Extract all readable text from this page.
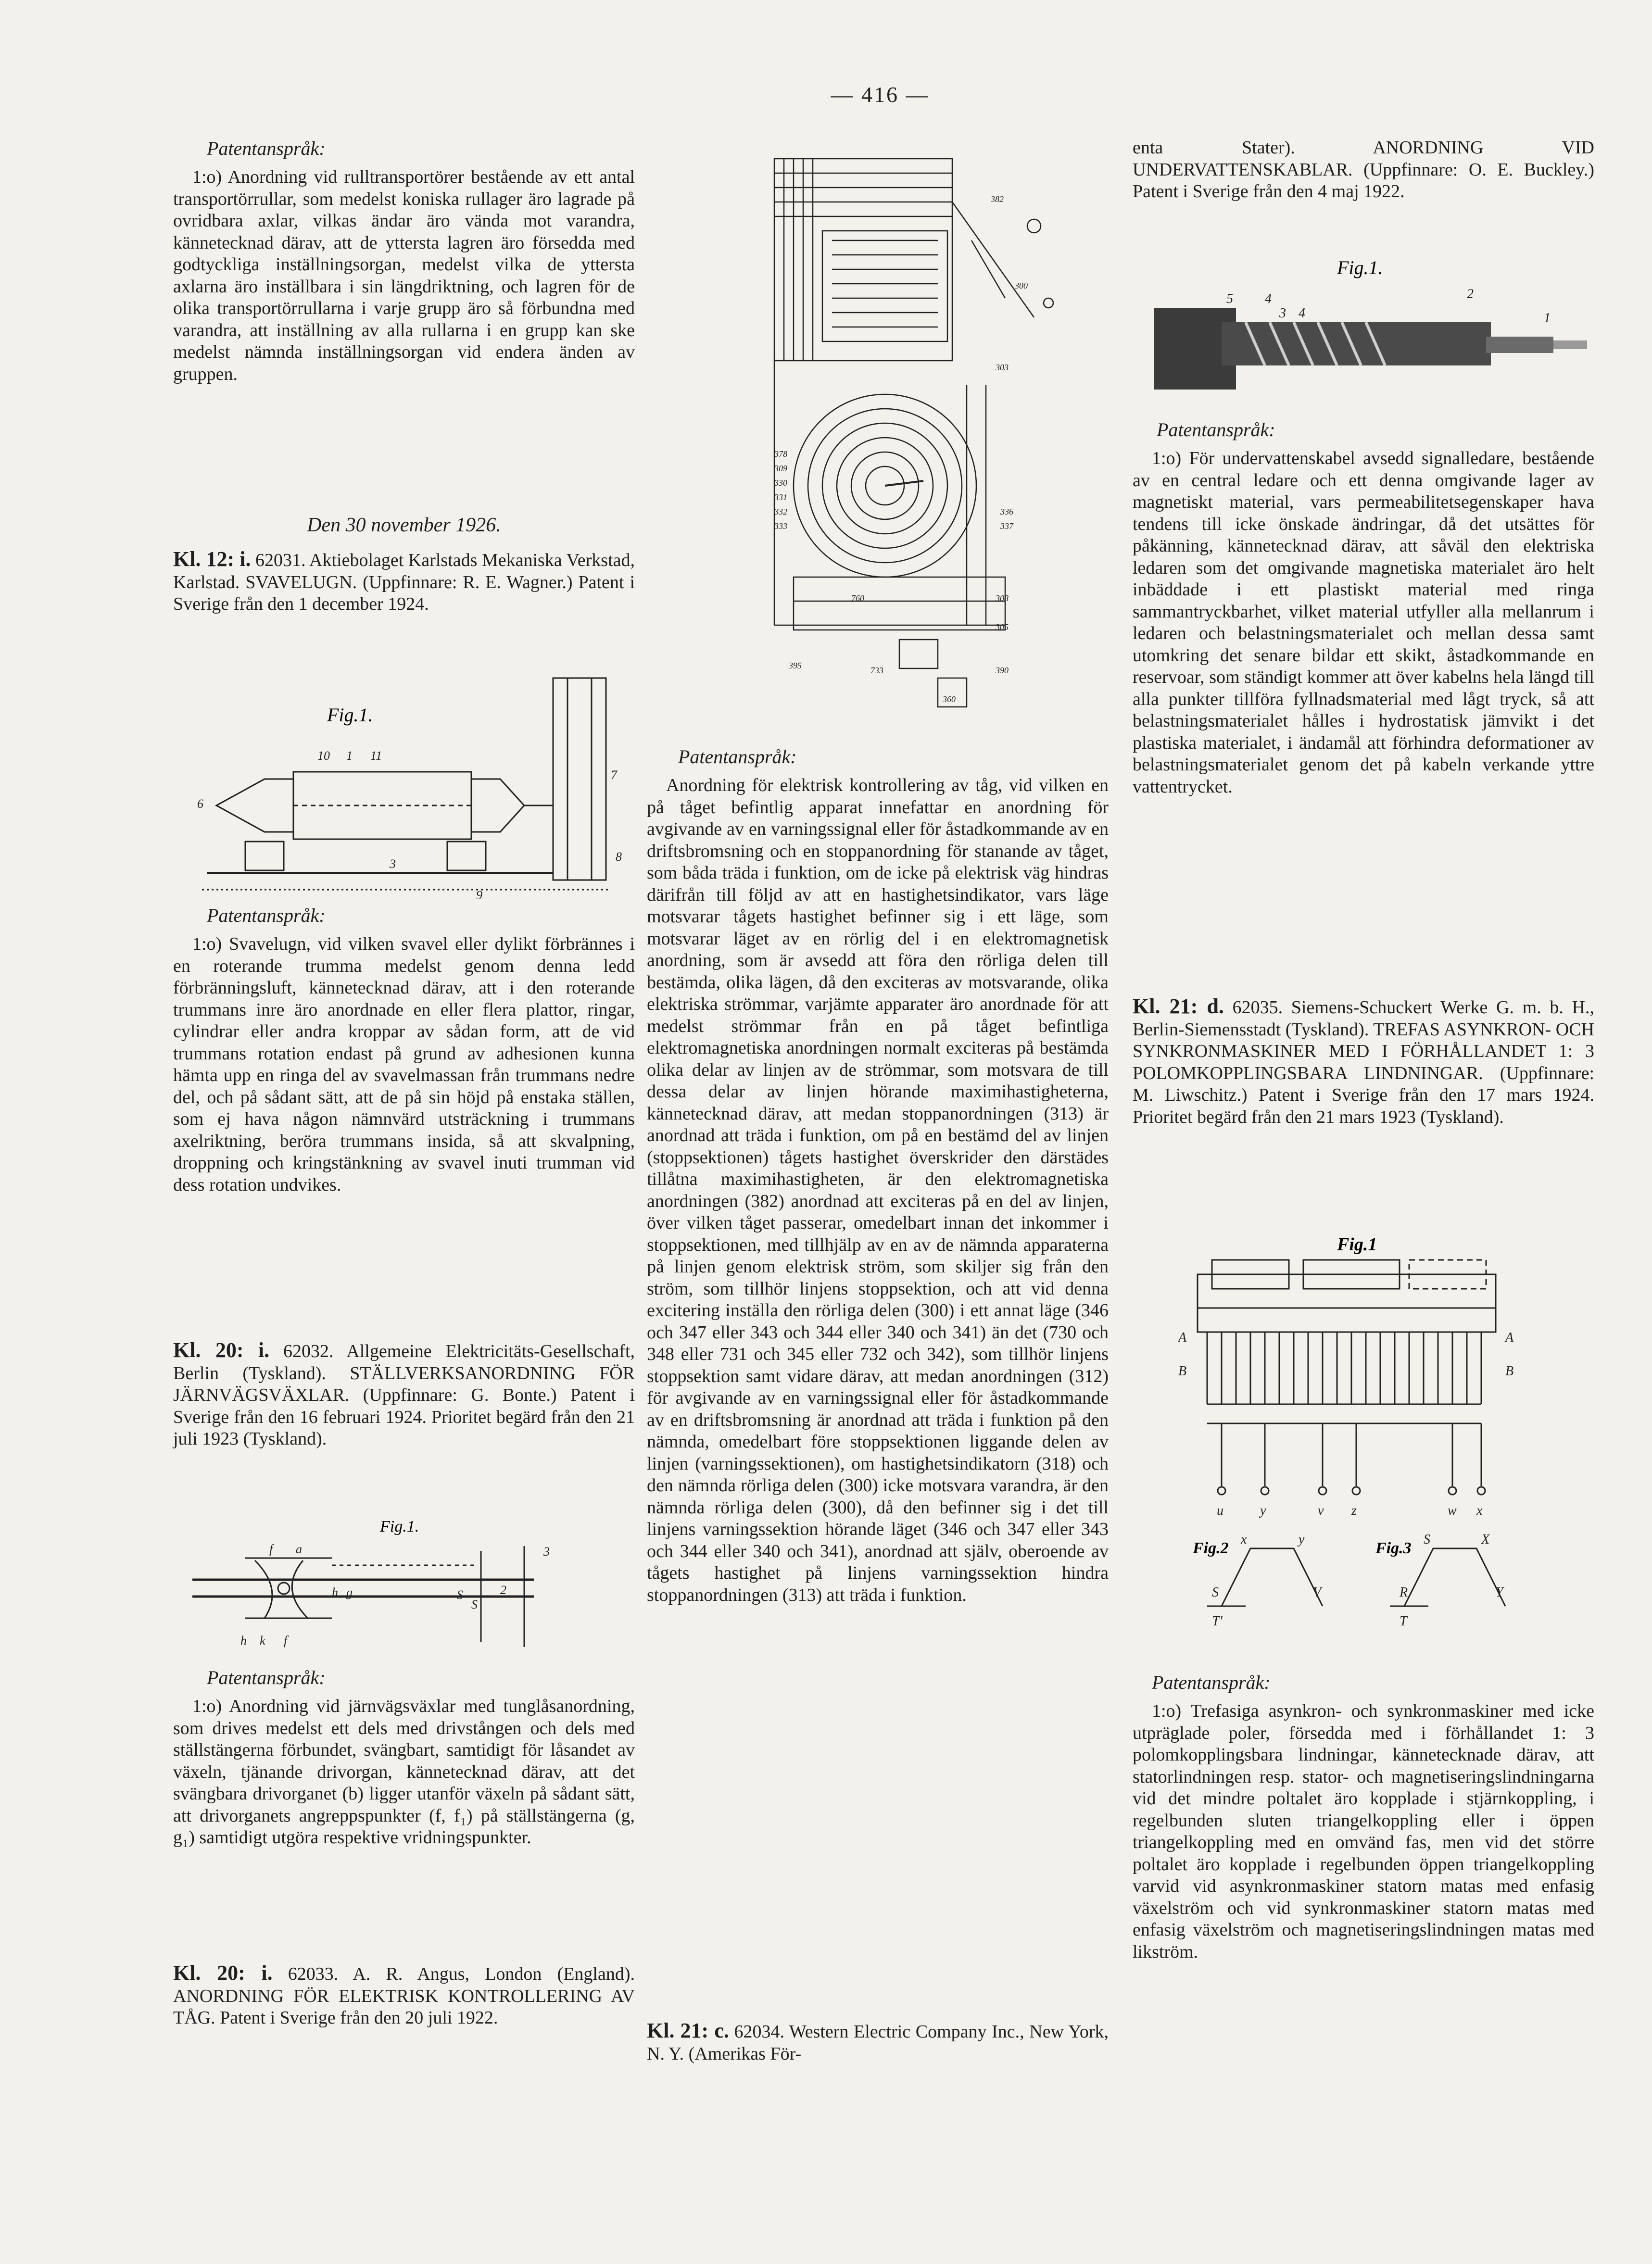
— 416 —

Patentanspråk:

1:o) Anordning vid rulltransportörer bestående av ett antal transportörrullar, som medelst koniska rullager äro lagrade på ovridbara axlar, vilkas ändar äro vända mot varandra, kännetecknad därav, att de yttersta lagren äro försedda med godtyckliga inställningsorgan, medelst vilka de yttersta axlarna äro inställbara i sin längdriktning, och lagren för de olika transportörrullarna i varje grupp äro så förbundna med varandra, att inställning av alla rullarna i en grupp kan ske medelst nämnda inställningsorgan vid endera änden av gruppen.

Den 30 november 1926.

Kl. 12: i. 62031. Aktiebolaget Karlstads Mekaniska Verkstad, Karlstad. SVAVELUGN. (Uppfinnare: R. E. Wagner.) Patent i Sverige från den 1 december 1924.

Fig.1.
10 1 11
6
7
8
3
9

Patentanspråk:

1:o) Svavelugn, vid vilken svavel eller dylikt förbrännes i en roterande trumma medelst genom denna ledd förbränningsluft, kännetecknad därav, att i den roterande trummans inre äro anordnade en eller flera plattor, ringar, cylindrar eller andra kroppar av sådan form, att de vid trummans rotation endast på grund av adhesionen kunna hämta upp en ringa del av svavelmassan från trummans nedre del, och på sådant sätt, att de på sin höjd på enstaka ställen, som ej hava någon nämnvärd utsträckning i trummans axelriktning, beröra trummans insida, så att skvalpning, droppning och kringstänkning av svavel inuti trumman vid dess rotation undvikes.

Kl. 20: i. 62032. Allgemeine Elektricitäts-Gesellschaft, Berlin (Tyskland). STÄLLVERKSANORDNING FÖR JÄRNVÄGSVÄXLAR. (Uppfinnare: G. Bonte.) Patent i Sverige från den 16 februari 1924. Prioritet begärd från den 21 juli 1923 (Tyskland).

Fig.1.
f a
h g	S
S
2
3
h k f

Patentanspråk:

1:o) Anordning vid järnvägsväxlar med tunglåsanordning, som drives medelst ett dels med drivstången och dels med ställstängerna förbundet, svängbart, samtidigt för låsandet av växeln, tjänande drivorgan, kännetecknad därav, att det svängbara drivorganet (b) ligger utanför växeln på sådant sätt, att drivorganets angreppspunkter (f, f₁) på ställstängerna (g, g₁) samtidigt utgöra respektive vridningspunkter.

Kl. 20: i. 62033. A. R. Angus, London (England). ANORDNING FÖR ELEKTRISK KONTROLLERING AV TÅG. Patent i Sverige från den 20 juli 1922.

382
300
303
378
309
330
331
332
333
336
337
760
395	733
360
308
305
390

Patentanspråk:

Anordning för elektrisk kontrollering av tåg, vid vilken en på tåget befintlig apparat innefattar en anordning för avgivande av en varningssignal eller för åstadkommande av en driftsbromsning och en stoppanordning för stanande av tåget, som båda träda i funktion, om de icke på elektrisk väg hindras därifrån till följd av att en hastighetsindikator, vars läge motsvarar tågets hastighet befinner sig i ett läge, som motsvarar läget av en rörlig del i en elektromagnetisk anordning, som är avsedd att föra den rörliga delen till bestämda, olika lägen, då den exciteras av motsvarande, olika elektriska strömmar, varjämte apparater äro anordnade för att medelst strömmar från en på tåget befintliga elektromagnetiska anordningen normalt exciteras på bestämda olika delar av linjen av de strömmar, som motsvara de till dessa delar av linjen hörande maximihastigheterna, kännetecknad därav, att medan stoppanordningen (313) är anordnad att träda i funktion, om på en bestämd del av linjen (stoppsektionen) tågets hastighet överskrider den därstädes tillåtna maximihastigheten, är den elektromagnetiska anordningen (382) anordnad att exciteras på en del av linjen, över vilken tåget passerar, omedelbart innan det inkommer i stoppsektionen, med tillhjälp av en av de nämnda apparaterna på linjen genom elektrisk ström, som skiljer sig från den ström, som tillhör linjens stoppsektion, och att vid denna excitering inställa den rörliga delen (300) i ett annat läge (346 och 347 eller 343 och 344 eller 340 och 341) än det (730 och 348 eller 731 och 345 eller 732 och 342), som tillhör linjens stoppsektion samt vidare därav, att medan anordningen (312) för avgivande av en varningssignal eller för åstadkommande av en driftsbromsning är anordnad att träda i funktion på den nämnda, omedelbart före stoppsektionen liggande delen av linjen (varningssektionen), om hastighetsindikatorn (318) och den nämnda rörliga delen (300) icke motsvara varandra, är den nämnda rörliga delen (300), då den befinner sig i det till linjens varningssektion hörande läget (346 och 347 eller 343 och 344 eller 340 och 341), anordnad att själv, oberoende av tågets hastighet på linjens varningssektion hindra stoppanordningen (313) att träda i funktion.

Kl. 21: c. 62034. Western Electric Company Inc., New York, N. Y. (Amerikas För-

enta Stater). ANORDNING VID UNDERVATTENSKABLAR. (Uppfinnare: O. E. Buckley.) Patent i Sverige från den 4 maj 1922.

Fig.1.
5 4
3 4
2
1

Patentanspråk:

1:o) För undervattenskabel avsedd signalledare, bestående av en central ledare och ett denna omgivande lager av magnetiskt material, vars permeabilitetsegenskaper hava tendens till icke önskade ändringar, då det utsättes för påkänning, kännetecknad därav, att såväl den elektriska ledaren som det omgivande magnetiska materialet äro helt inbäddade i ett plastiskt material med ringa sammantryckbarhet, vilket material utfyller alla mellanrum i ledaren och belastningsmaterialet och mellan dessa samt utomkring det senare bildar ett skikt, åstadkommande en reservoar, som ständigt kommer att över kabelns hela längd till alla punkter tillföra fyllnadsmaterial med lågt tryck, så att belastningsmaterialet hålles i hydrostatisk jämvikt i det plastiska materialet, i ändamål att förhindra deformationer av belastningsmaterialet genom det på kabeln verkande yttre vattentrycket.

Kl. 21: d. 62035. Siemens-Schuckert Werke G. m. b. H., Berlin-Siemensstadt (Tyskland). TREFAS ASYNKRON- OCH SYNKRONMASKINER MED I FÖRHÅLLANDET 1: 3 POLOMKOPPLINGSBARA LINDNINGAR. (Uppfinnare: M. Liwschitz.) Patent i Sverige från den 17 mars 1924. Prioritet begärd från den 21 mars 1923 (Tyskland).

Fig.1
Fig.2	Fig.3
A	A
B	B
u	y	v z	w x
x	y
S	V
T'
S	X
R	Y
T

Patentanspråk:

1:o) Trefasiga asynkron- och synkronmaskiner med icke utpräglade poler, försedda med i förhållandet 1: 3 polomkopplingsbara lindningar, kännetecknade därav, att statorlindningen resp. stator- och magnetiseringslindningarna vid det mindre poltalet äro kopplade i stjärnkoppling, i regelbunden sluten triangelkoppling eller i öppen triangelkoppling med en omvänd fas, men vid det större poltalet äro kopplade i regelbunden öppen triangelkoppling varvid vid asynkronmaskiner statorn matas med enfasig växelström och vid synkronmaskiner statorn matas med enfasig växelström och magnetiseringslindningen matas med likström.
